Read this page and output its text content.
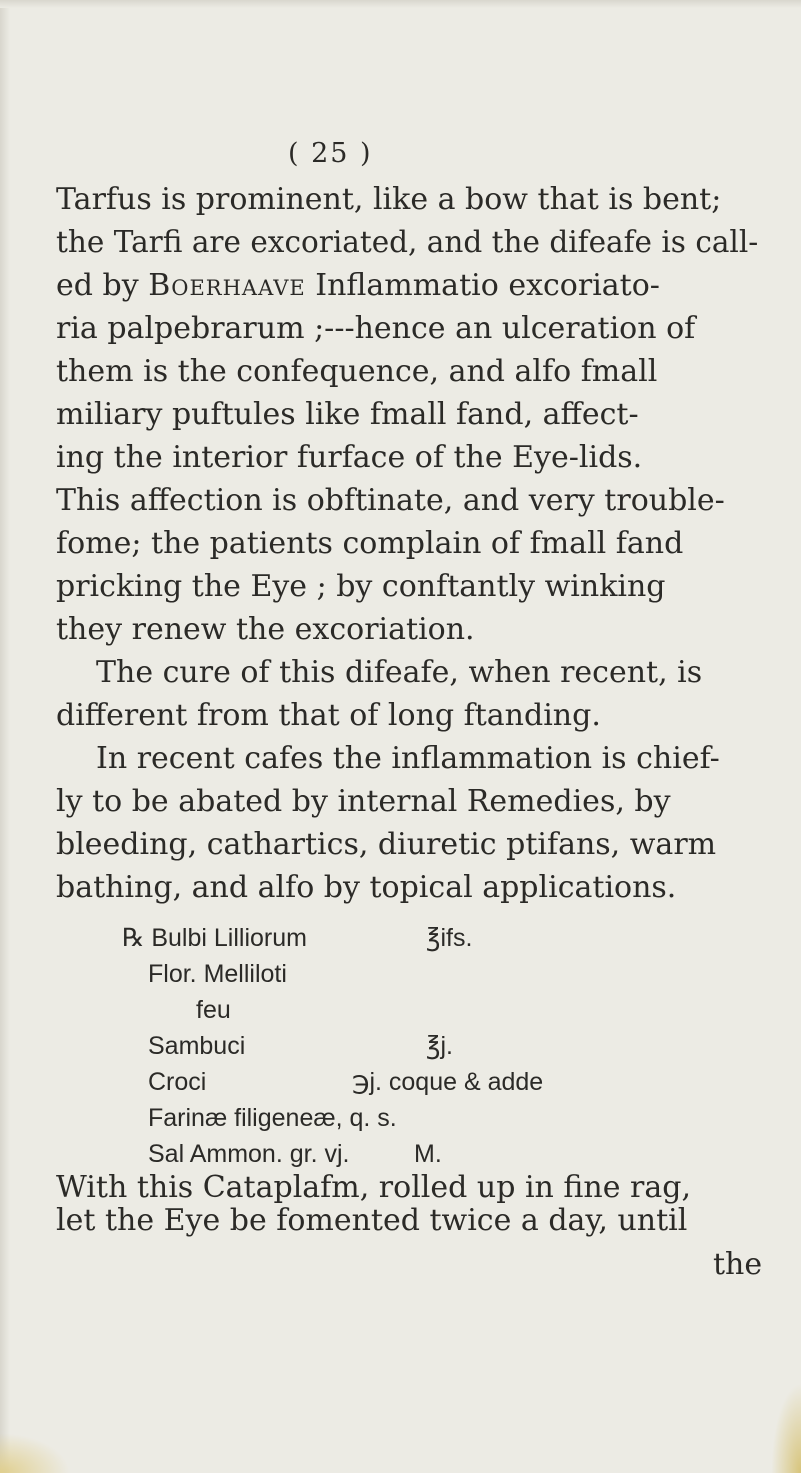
( 25 )
Tarfus is prominent, like a bow that is bent;
the Tarfi are excoriated, and the difeafe is call-
ed by Boerhaave Inflammatio excoriato-
ria palpebrarum ;---hence an ulceration of
them is the confequence, and alfo fmall
miliary puftules like fmall fand, affect-
ing the interior furface of the Eye-lids.
This affection is obftinate, and very trouble-
fome; the patients complain of fmall fand
pricking the Eye ; by conftantly winking
they renew the excoriation.
The cure of this difeafe, when recent, is
different from that of long ftanding.
In recent cafes the inflammation is chief-
ly to be abated by internal Remedies, by
bleeding, cathartics, diuretic ptifans, warm
bathing, and alfo by topical applications.
℞ Bulbi Lilliorum	℥ifs.
Flor. Melliloti
feu
Sambuci	℥j.
Croci	℈j. coque & adde
Farinæ filigeneæ, q. s.
Sal Ammon. gr. vj.	M.
With this Cataplafm, rolled up in fine rag,
let the Eye be fomented twice a day, until
the
